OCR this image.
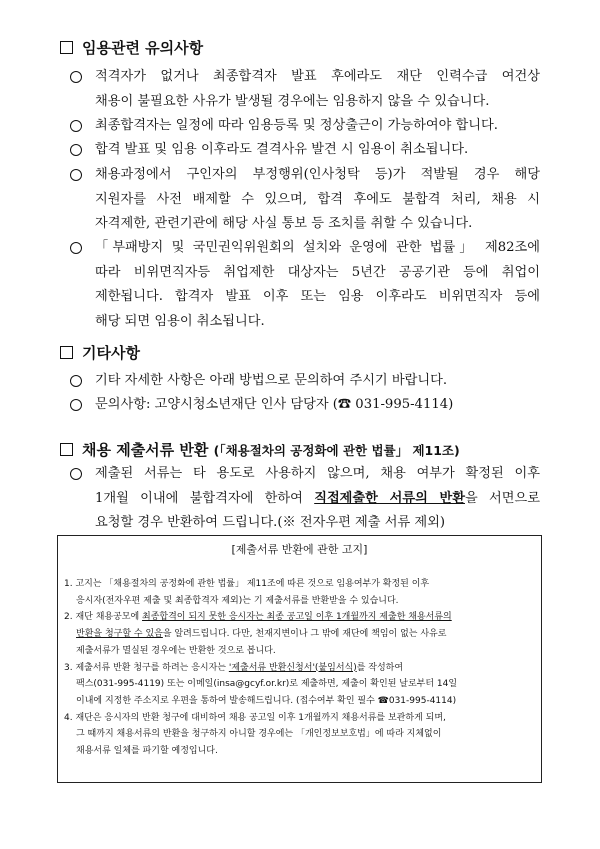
임용관련 유의사항
적격자가 없거나 최종합격자 발표 후에라도 재단 인력수급 여건상
채용이 불필요한 사유가 발생될 경우에는 임용하지 않을 수 있습니다.
최종합격자는 일정에 따라 임용등록 및 정상출근이 가능하여야 합니다.
합격 발표 및 임용 이후라도 결격사유 발견 시 임용이 취소됩니다.
채용과정에서 구인자의 부정행위(인사청탁 등)가 적발될 경우 해당
지원자를 사전 배제할 수 있으며, 합격 후에도 불합격 처리, 채용 시
자격제한, 관련기관에 해당 사실 통보 등 조치를 취할 수 있습니다.
「부패방지 및 국민권익위원회의 설치와 운영에 관한 법률」 제82조에
따라 비위면직자등 취업제한 대상자는 5년간 공공기관 등에 취업이
제한됩니다. 합격자 발표 이후 또는 임용 이후라도 비위면직자 등에
해당 되면 임용이 취소됩니다.
기타사항
기타 자세한 사항은 아래 방법으로 문의하여 주시기 바랍니다.
문의사항: 고양시청소년재단 인사 담당자 (☎ 031-995-4114)
채용 제출서류 반환 (「채용절차의 공정화에 관한 법률」 제11조)
제출된 서류는 타 용도로 사용하지 않으며, 채용 여부가 확정된 이후
1개월 이내에 불합격자에 한하여 직접제출한 서류의 반환을 서면으로
요청할 경우 반환하여 드립니다.(※ 전자우편 제출 서류 제외)
[제출서류 반환에 관한 고지]
1. 고지는 「채용절차의 공정화에 관한 법률」 제11조에 따른 것으로 임용여부가 확정된 이후
응시자(전자우편 제출 및 최종합격자 제외)는 기 제출서류를 반환받을 수 있습니다.
2. 재단 채용공모에 최종합격이 되지 못한 응시자는 최종 공고일 이후 1개월까지 제출한 채용서류의
반환을 청구할 수 있음을 알려드립니다. 다만, 천재지변이나 그 밖에 재단에 책임이 없는 사유로
제출서류가 멸실된 경우에는 반환한 것으로 봅니다.
3. 제출서류 반환 청구를 하려는 응시자는 '제출서류 반환신청서'(붙임서식)를 작성하여
팩스(031-995-4119) 또는 이메일(insa@gcyf.or.kr)로 제출하면, 제출이 확인된 날로부터 14일
이내에 지정한 주소지로 우편을 통하여 발송해드립니다. (접수여부 확인 필수 ☎031-995-4114)
4. 재단은 응시자의 반환 청구에 대비하여 채용 공고일 이후 1개월까지 채용서류를 보관하게 되며,
그 때까지 채용서류의 반환을 청구하지 아니할 경우에는 「개인정보보호법」에 따라 지체없이
채용서류 일체를 파기할 예정입니다.
